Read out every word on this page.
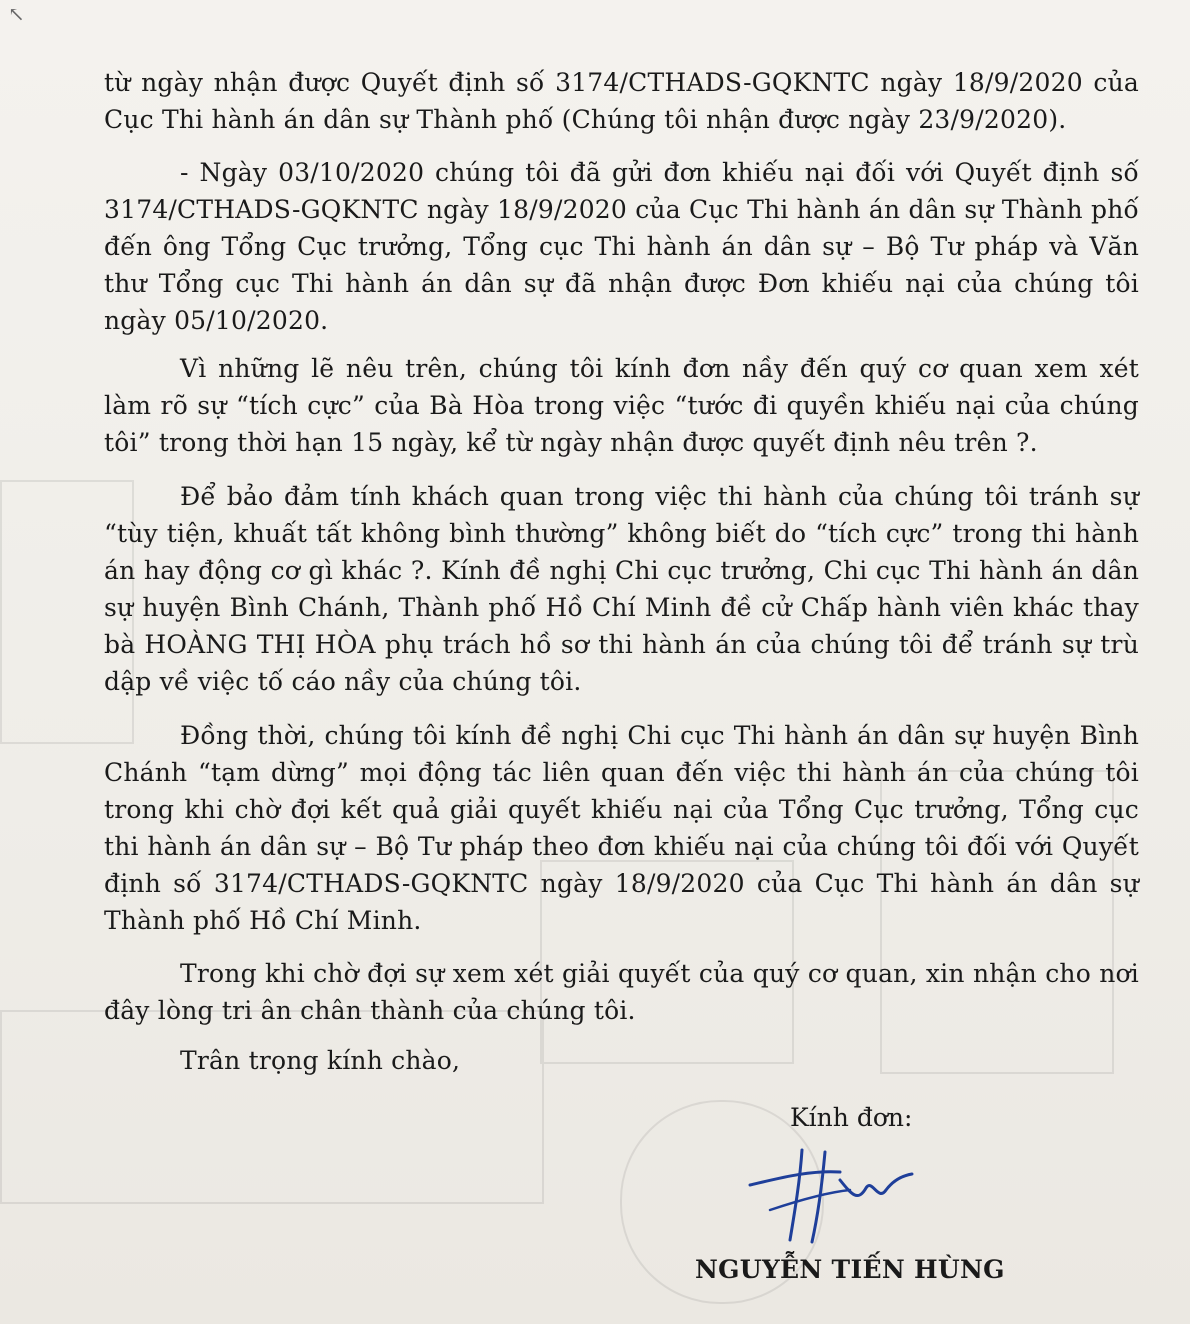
↖

từ ngày nhận được Quyết định số 3174/CTHADS-GQKNTC ngày 18/9/2020 của Cục Thi hành án dân sự Thành phố (Chúng tôi nhận được ngày 23/9/2020).

- Ngày 03/10/2020 chúng tôi đã gửi đơn khiếu nại đối với Quyết định số 3174/CTHADS-GQKNTC ngày 18/9/2020 của Cục Thi hành án dân sự Thành phố đến ông Tổng Cục trưởng, Tổng cục Thi hành án dân sự – Bộ Tư pháp và Văn thư Tổng cục Thi hành án dân sự đã nhận được Đơn khiếu nại của chúng tôi ngày 05/10/2020.

Vì những lẽ nêu trên, chúng tôi kính đơn nầy đến quý cơ quan xem xét làm rõ sự “tích cực” của Bà Hòa trong việc “tước đi quyền khiếu nại của chúng tôi” trong thời hạn 15 ngày, kể từ ngày nhận được quyết định nêu trên ?.

Để bảo đảm tính khách quan trong việc thi hành của chúng tôi tránh sự “tùy tiện, khuất tất không bình thường” không biết do “tích cực” trong thi hành án hay động cơ gì khác ?. Kính đề nghị Chi cục trưởng, Chi cục Thi hành án dân sự huyện Bình Chánh, Thành phố Hồ Chí Minh đề cử Chấp hành viên khác thay bà HOÀNG THỊ HÒA phụ trách hồ sơ thi hành án của chúng tôi để tránh sự trù dập về việc tố cáo nầy của chúng tôi.

Đồng thời, chúng tôi kính đề nghị Chi cục Thi hành án dân sự huyện Bình Chánh “tạm dừng” mọi động tác liên quan đến việc thi hành án của chúng tôi trong khi chờ đợi kết quả giải quyết khiếu nại của Tổng Cục trưởng, Tổng cục thi hành án dân sự – Bộ Tư pháp theo đơn khiếu nại của chúng tôi đối với Quyết định số 3174/CTHADS-GQKNTC ngày 18/9/2020 của Cục Thi hành án dân sự Thành phố Hồ Chí Minh.

Trong khi chờ đợi sự xem xét giải quyết của quý cơ quan, xin nhận cho nơi đây lòng tri ân chân thành của chúng tôi.

Trân trọng kính chào,

Kính đơn:

NGUYỄN TIẾN HÙNG
